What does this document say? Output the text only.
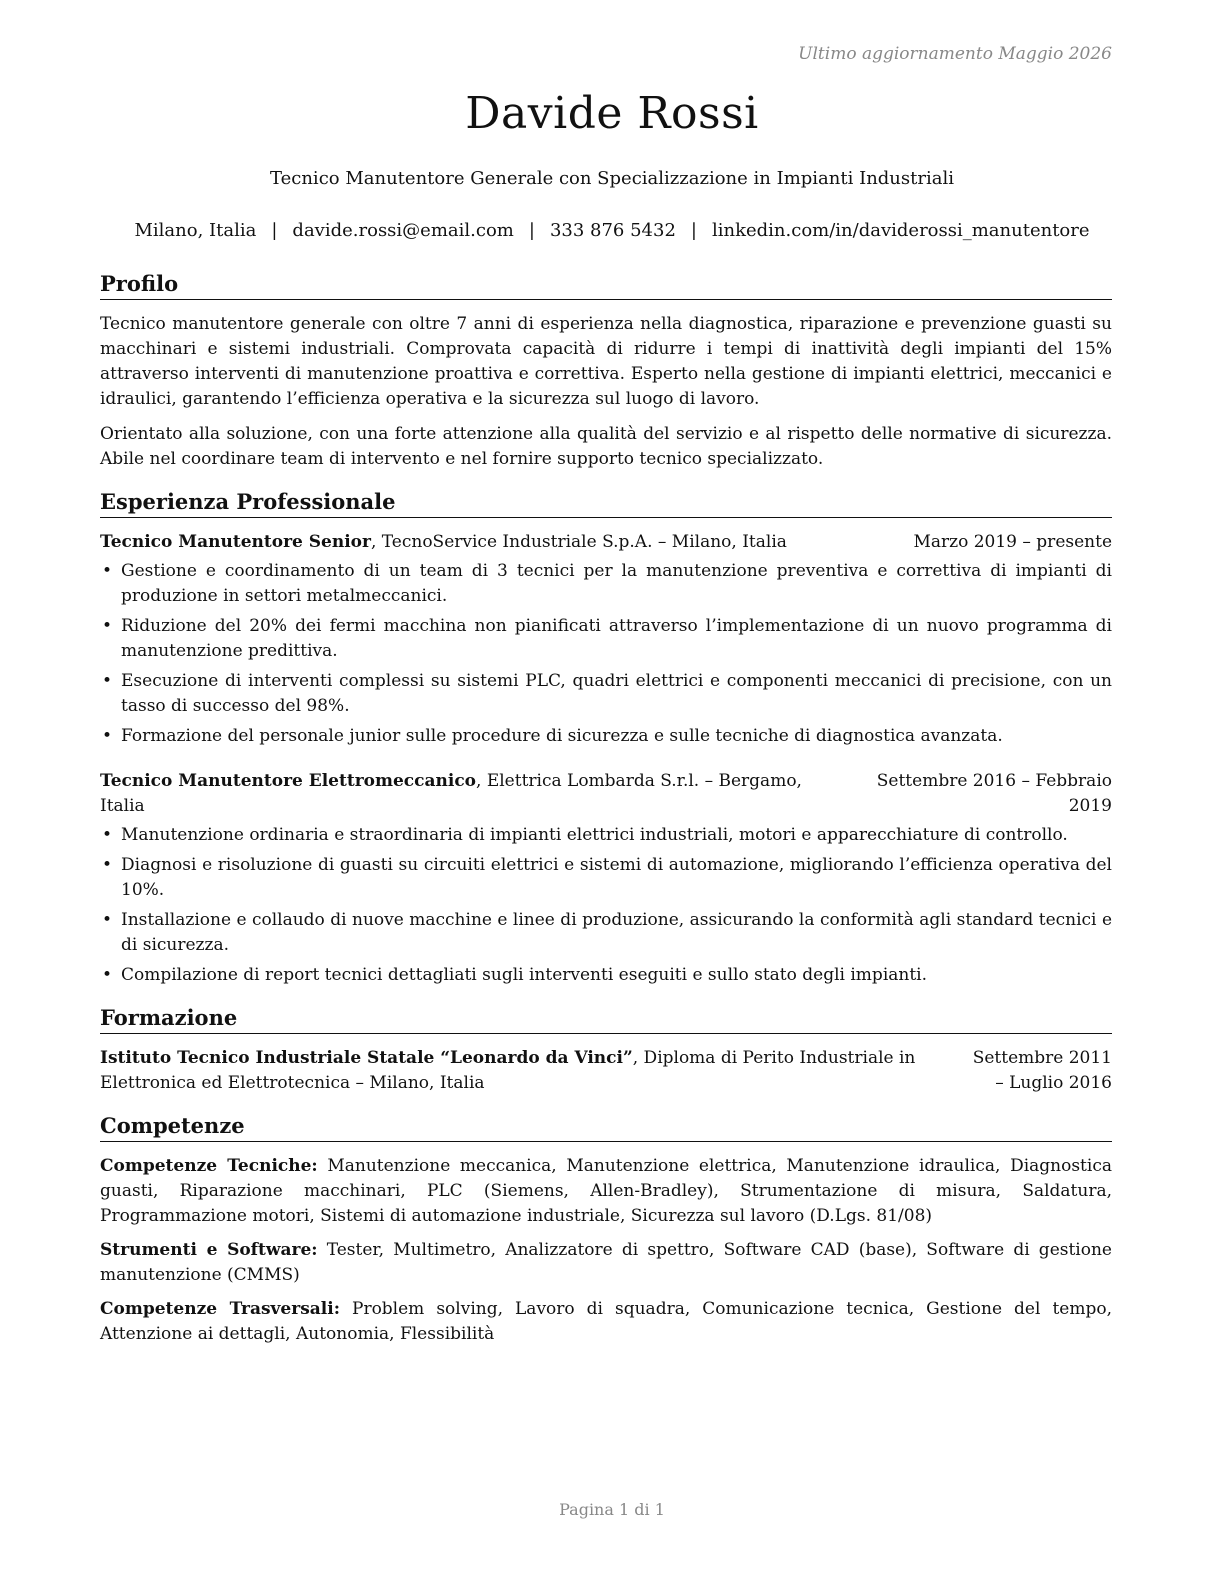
Ultimo aggiornamento Maggio 2026
Davide Rossi
Tecnico Manutentore Generale con Specializzazione in Impianti Industriali
Milano, Italia | davide.rossi@email.com | 333 876 5432 | linkedin.com/in/daviderossi_manutentore
Profilo

Tecnico manutentore generale con oltre 7 anni di esperienza nella diagnostica, riparazione e prevenzione guasti su macchinari e sistemi industriali. Comprovata capacità di ridurre i tempi di inattività degli impianti del 15% attraverso interventi di manutenzione proattiva e correttiva. Esperto nella gestione di impianti elettrici, meccanici e idraulici, garantendo l’efficienza operativa e la sicurezza sul luogo di lavoro.

Orientato alla soluzione, con una forte attenzione alla qualità del servizio e al rispetto delle normative di sicurezza. Abile nel coordinare team di intervento e nel fornire supporto tecnico specializzato.

Esperienza Professionale
Tecnico Manutentore Senior, TecnoService Industriale S.p.A. – Milano, Italia	Marzo 2019 – presente
• Gestione e coordinamento di un team di 3 tecnici per la manutenzione preventiva e correttiva di impianti di produzione in settori metalmeccanici.
• Riduzione del 20% dei fermi macchina non pianificati attraverso l’implementazione di un nuovo programma di manutenzione predittiva.
• Esecuzione di interventi complessi su sistemi PLC, quadri elettrici e componenti meccanici di precisione, con un tasso di successo del 98%.
• Formazione del personale junior sulle procedure di sicurezza e sulle tecniche di diagnostica avanzata.
Tecnico Manutentore Elettromeccanico, Elettrica Lombarda S.r.l. – Bergamo, Italia
Settembre 2016 – Febbraio 2019
• Manutenzione ordinaria e straordinaria di impianti elettrici industriali, motori e apparecchiature di controllo.
• Diagnosi e risoluzione di guasti su circuiti elettrici e sistemi di automazione, migliorando l’efficienza operativa del 10%.
• Installazione e collaudo di nuove macchine e linee di produzione, assicurando la conformità agli standard tecnici e di sicurezza.
• Compilazione di report tecnici dettagliati sugli interventi eseguiti e sullo stato degli impianti.
Formazione
Istituto Tecnico Industriale Statale “Leonardo da Vinci”, Diploma di Perito Industriale in Elettronica ed Elettrotecnica – Milano, Italia
Settembre 2011 – Luglio 2016
Competenze

Competenze Tecniche: Manutenzione meccanica, Manutenzione elettrica, Manutenzione idraulica, Diagnostica guasti, Riparazione macchinari, PLC (Siemens, Allen-Bradley), Strumentazione di misura, Saldatura, Programmazione motori, Sistemi di automazione industriale, Sicurezza sul lavoro (D.Lgs. 81/08)

Strumenti e Software: Tester, Multimetro, Analizzatore di spettro, Software CAD (base), Software di gestione manutenzione (CMMS)

Competenze Trasversali: Problem solving, Lavoro di squadra, Comunicazione tecnica, Gestione del tempo, Attenzione ai dettagli, Autonomia, Flessibilità

Pagina 1 di 1
